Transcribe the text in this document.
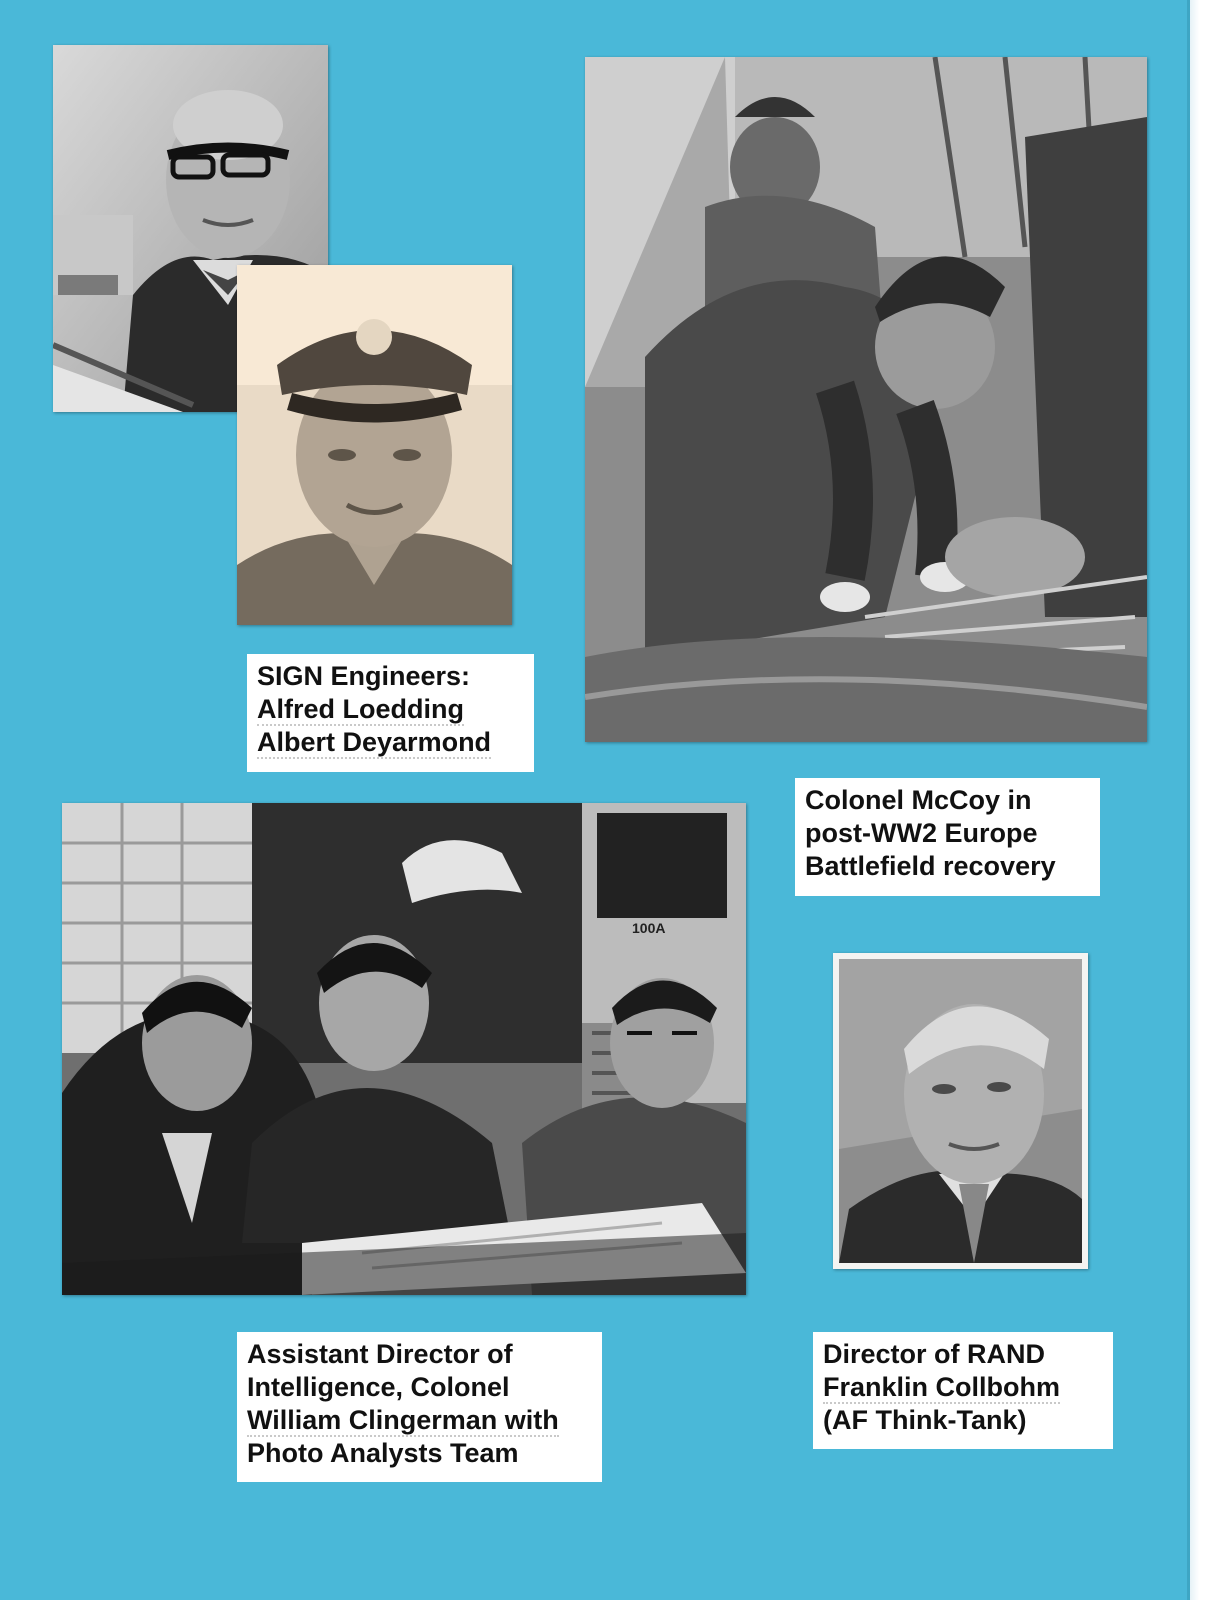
100A
SIGN Engineers:
Alfred Loedding
Albert Deyarmond
Colonel McCoy in
post-WW2 Europe
Battlefield recovery
Assistant Director of
Intelligence, Colonel
William Clingerman with
Photo Analysts Team
Director of RAND
Franklin Collbohm
(AF Think-Tank)
